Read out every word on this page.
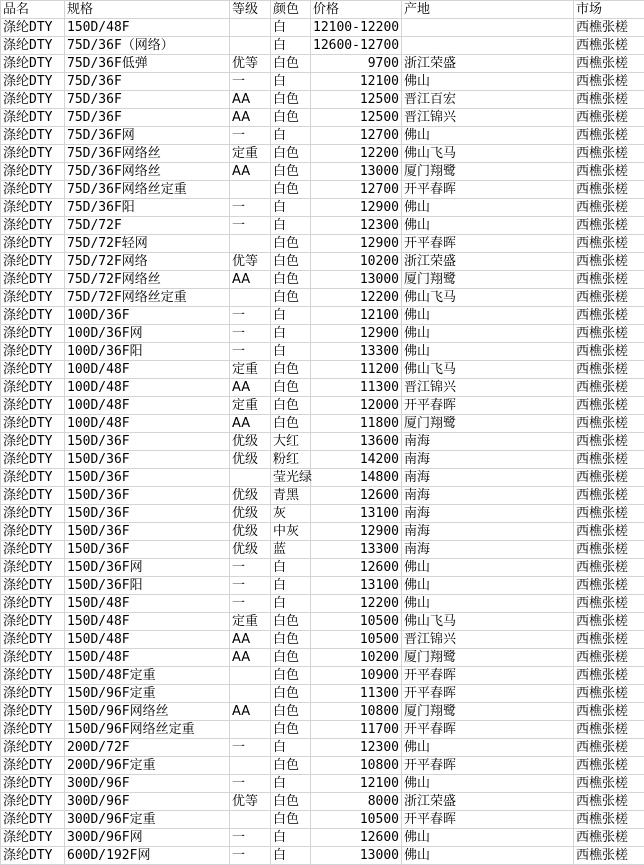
品名	规格	等级	颜色	价格	产地	市场
涤纶DTY	150D/48F		白	12100-12200		西樵张槎
涤纶DTY	75D/36F（网络）		白	12600-12700		西樵张槎
涤纶DTY	75D/36F低弹	优等	白色	9700	浙江荣盛	西樵张槎
涤纶DTY	75D/36F	一	白	12100	佛山	西樵张槎
涤纶DTY	75D/36F	AA	白色	12500	晋江百宏	西樵张槎
涤纶DTY	75D/36F	AA	白色	12500	晋江锦兴	西樵张槎
涤纶DTY	75D/36F网	一	白	12700	佛山	西樵张槎
涤纶DTY	75D/36F网络丝	定重	白色	12200	佛山飞马	西樵张槎
涤纶DTY	75D/36F网络丝	AA	白色	13000	厦门翔鹭	西樵张槎
涤纶DTY	75D/36F网络丝定重		白色	12700	开平春晖	西樵张槎
涤纶DTY	75D/36F阳	一	白	12900	佛山	西樵张槎
涤纶DTY	75D/72F	一	白	12300	佛山	西樵张槎
涤纶DTY	75D/72F轻网		白色	12900	开平春晖	西樵张槎
涤纶DTY	75D/72F网络	优等	白色	10200	浙江荣盛	西樵张槎
涤纶DTY	75D/72F网络丝	AA	白色	13000	厦门翔鹭	西樵张槎
涤纶DTY	75D/72F网络丝定重		白色	12200	佛山飞马	西樵张槎
涤纶DTY	100D/36F	一	白	12100	佛山	西樵张槎
涤纶DTY	100D/36F网	一	白	12900	佛山	西樵张槎
涤纶DTY	100D/36F阳	一	白	13300	佛山	西樵张槎
涤纶DTY	100D/48F	定重	白色	11200	佛山飞马	西樵张槎
涤纶DTY	100D/48F	AA	白色	11300	晋江锦兴	西樵张槎
涤纶DTY	100D/48F	定重	白色	12000	开平春晖	西樵张槎
涤纶DTY	100D/48F	AA	白色	11800	厦门翔鹭	西樵张槎
涤纶DTY	150D/36F	优级	大红	13600	南海	西樵张槎
涤纶DTY	150D/36F	优级	粉红	14200	南海	西樵张槎
涤纶DTY	150D/36F		莹光绿	14800	南海	西樵张槎
涤纶DTY	150D/36F	优级	青黑	12600	南海	西樵张槎
涤纶DTY	150D/36F	优级	灰	13100	南海	西樵张槎
涤纶DTY	150D/36F	优级	中灰	12900	南海	西樵张槎
涤纶DTY	150D/36F	优级	蓝	13300	南海	西樵张槎
涤纶DTY	150D/36F网	一	白	12600	佛山	西樵张槎
涤纶DTY	150D/36F阳	一	白	13100	佛山	西樵张槎
涤纶DTY	150D/48F	一	白	12200	佛山	西樵张槎
涤纶DTY	150D/48F	定重	白色	10500	佛山飞马	西樵张槎
涤纶DTY	150D/48F	AA	白色	10500	晋江锦兴	西樵张槎
涤纶DTY	150D/48F	AA	白色	10200	厦门翔鹭	西樵张槎
涤纶DTY	150D/48F定重		白色	10900	开平春晖	西樵张槎
涤纶DTY	150D/96F定重		白色	11300	开平春晖	西樵张槎
涤纶DTY	150D/96F网络丝	AA	白色	10800	厦门翔鹭	西樵张槎
涤纶DTY	150D/96F网络丝定重		白色	11700	开平春晖	西樵张槎
涤纶DTY	200D/72F	一	白	12300	佛山	西樵张槎
涤纶DTY	200D/96F定重		白色	10800	开平春晖	西樵张槎
涤纶DTY	300D/96F	一	白	12100	佛山	西樵张槎
涤纶DTY	300D/96F	优等	白色	8000	浙江荣盛	西樵张槎
涤纶DTY	300D/96F定重		白色	10500	开平春晖	西樵张槎
涤纶DTY	300D/96F网	一	白	12600	佛山	西樵张槎
涤纶DTY	600D/192F网	一	白	13000	佛山	西樵张槎
